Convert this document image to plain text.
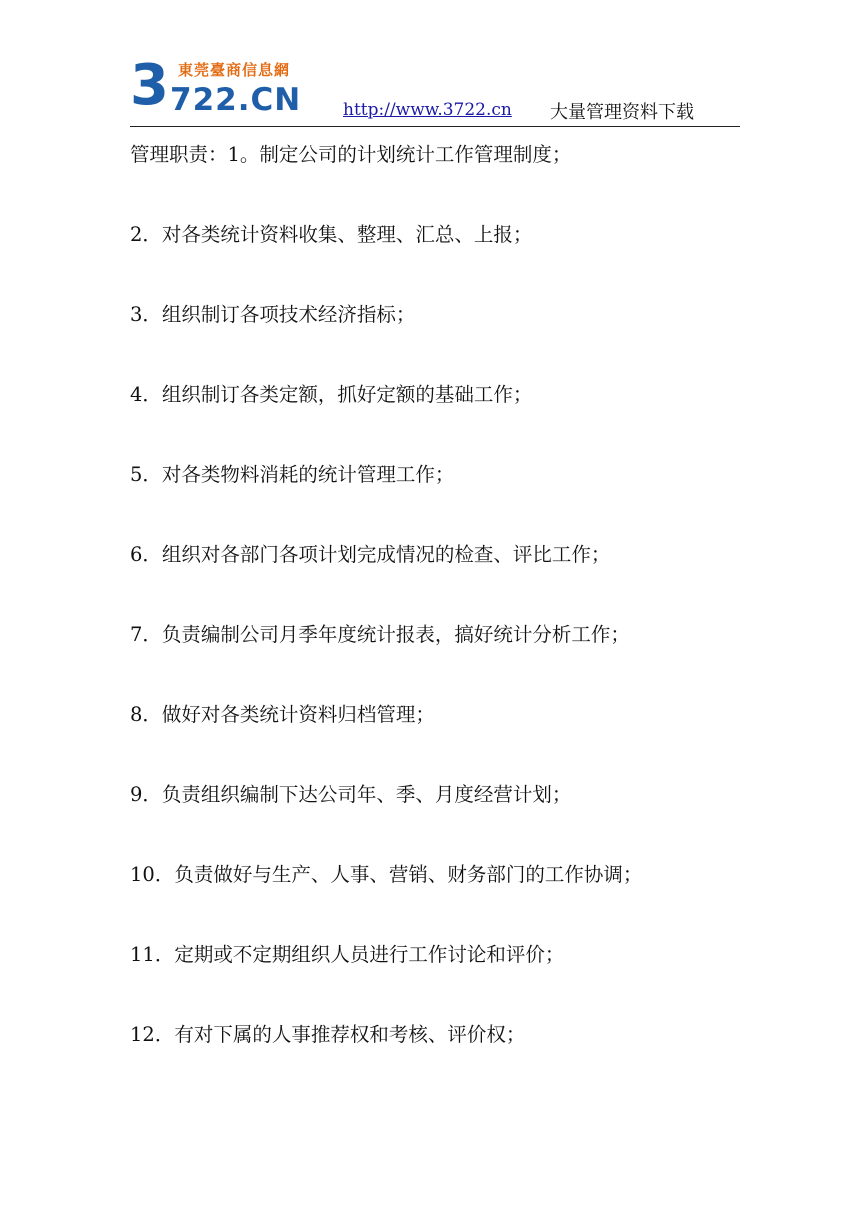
3 東莞臺商信息網
722.CN http://www.3722.cn 大量管理资料下载
管理职责：1。制定公司的计划统计工作管理制度；
2．对各类统计资料收集、整理、汇总、上报；
3．组织制订各项技术经济指标；
4．组织制订各类定额，抓好定额的基础工作；
5．对各类物料消耗的统计管理工作；
6．组织对各部门各项计划完成情况的检查、评比工作；
7．负责编制公司月季年度统计报表，搞好统计分析工作；
8．做好对各类统计资料归档管理；
9．负责组织编制下达公司年、季、月度经营计划；
10．负责做好与生产、人事、营销、财务部门的工作协调；
11．定期或不定期组织人员进行工作讨论和评价；
12．有对下属的人事推荐权和考核、评价权；
